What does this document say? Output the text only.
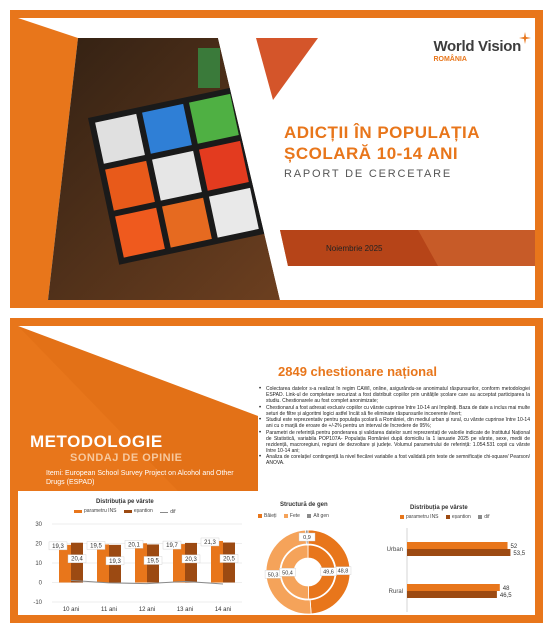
World Vision
ROMÂNIA
ADICȚII ÎN POPULAȚIA
ȘCOLARĂ 10-14 ANI
RAPORT DE CERCETARE
Noiembrie 2025
METODOLOGIE
SONDAJ DE OPINIE
Itemi: European School Survey Project on Alcohol and Other Drugs (ESPAD)
2849 chestionare național
• Colectarea datelor s-a realizat în regim CAWI, online, asigurându-se anonimatul răspunsurilor, conform metodologiei ESPAD. Link-ul de completare securizat a fost distribuit copiilor prin unitățile școlare care au acceptat participarea la studiu. Chestionarele au fost complet anonimizate;
• Chestionarul a fost adresat exclusiv copiilor cu vârste cuprinse între 10-14 ani împliniți. Baza de date a inclus mai multe seturi de filtre și algoritmi logici astfel încât să fie eliminate răspunsurile incoerente /inert;
• Studiul este reprezentativ pentru populația școlară a României, din mediul urban și rural, cu vârste cuprinse între 10-14 ani cu o marjă de eroare de +/-2% pentru un interval de încredere de 95%;
• Parametri de referință pentru ponderarea și validarea datelor sunt reprezentați de valorile indicate de Institutul Național de Statistică, variabila POP107A- Populația României după domiciliu la 1 ianuarie 2025 pe vârste, sexe, medii de rezidență, macroregiuni, regiuni de dezvoltare și județe. Volumul parametrului de referință: 1.054.531 copii cu vârste între 10-14 ani;
• Analiza de corelație/ contingență la nivel fiecărei variabile a fost validată prin teste de semnificație chi-square/ Pearson/ ANOVA.
Distribuția pe vârste
parametru INS
	eșantion
	dif
30
20
10
0
-10
19,3
20,4
10 ani
19,5
19,3
11 ani
20,1
19,5
12 ani
19,7
20,3
13 ani
21,3
20,5
14 ani
Structură de gen
Băieți
	Fete
	Alt gen
48,8
50,3
0,9
49,6
50,4
Distribuția pe vârste
parametru INS
	eșantion
	dif
52
53,5
Urban
48
46,5
Rural
